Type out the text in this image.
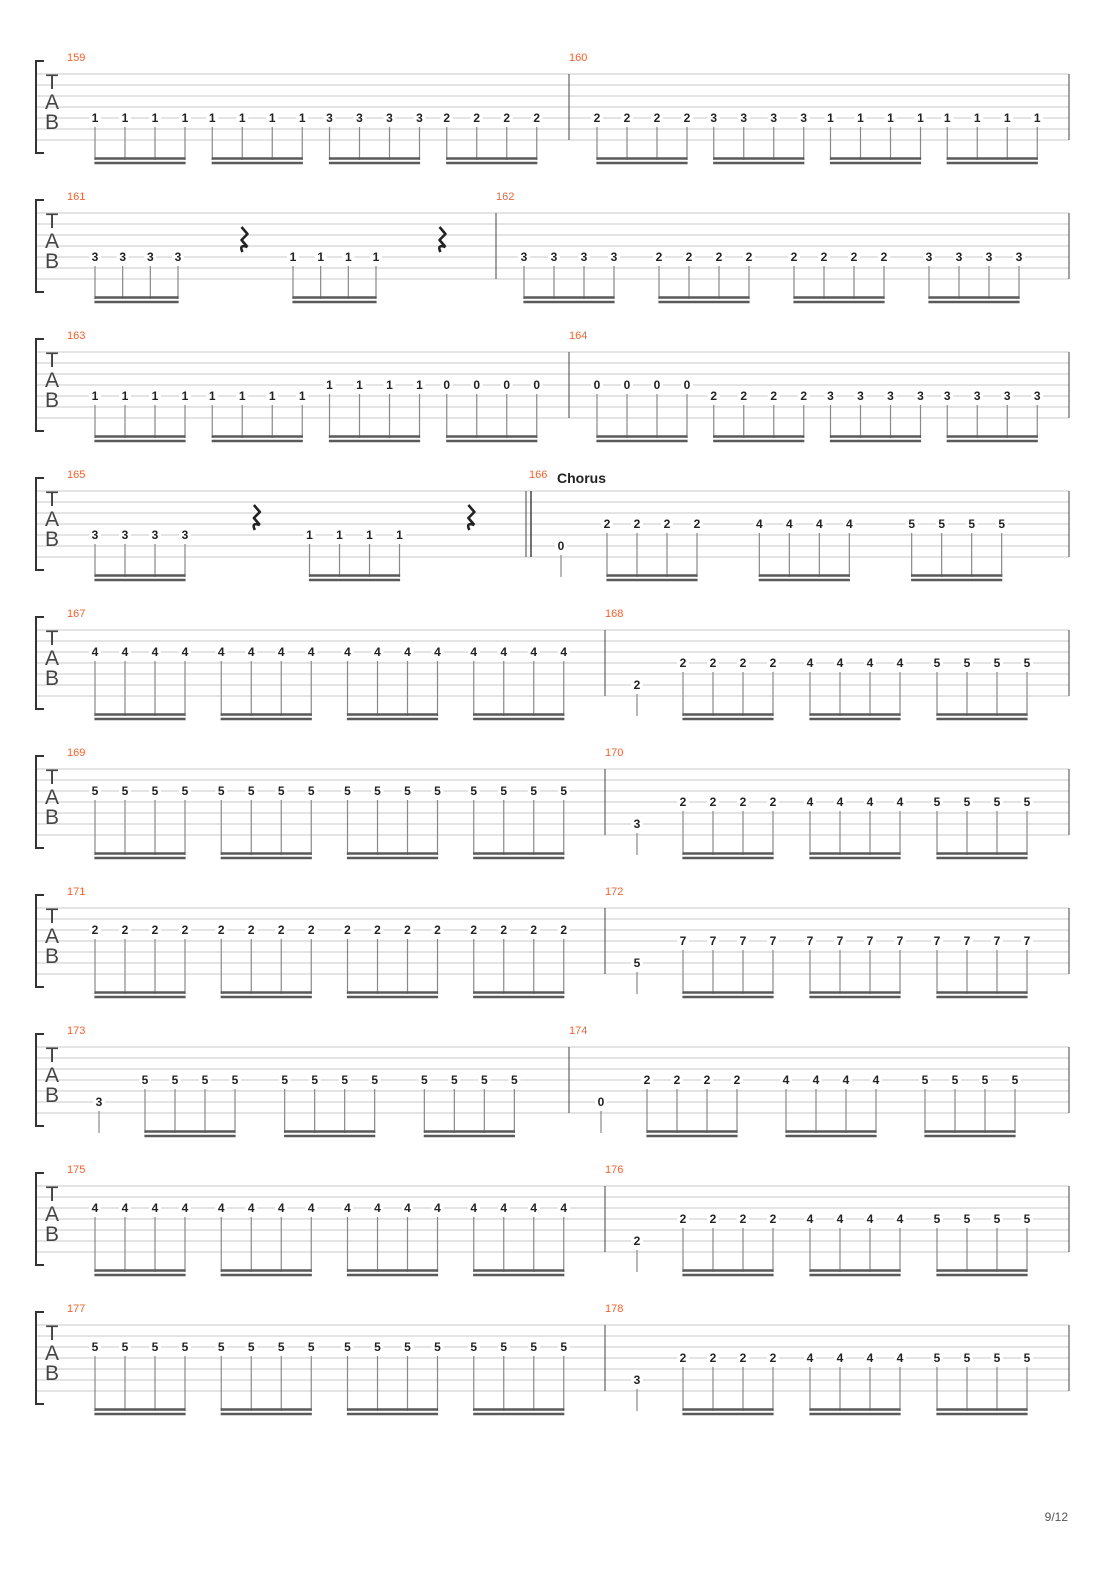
T
A
B
159
1 1 1 1 1 1 1 1 3 3 3 3 2 2 2 2
160
2 2 2 2 3 3 3 3 1 1 1 1 1 1 1 1
T
A
B
161
3 3 3 3	1 1 1 1
162
3 3 3 3	2 2 2 2	2 2 2 2	3 3 3 3
T
A
B
163
1 1 1 1 1 1 1 1
1 1 1 1 0 0 0 0
164
0 0 0 0
2 2 2 2 3 3 3 3 3 3 3 3
T
A
B
165
3 3 3 3	1 1 1 1
166
0
2 2 2 2	4 4 4 4	5 5 5 5
T
A
B
167
4 4 4 4 4 4 4 4 4 4 4 4 4 4 4 4
168
2
2 2 2 2	4 4 4 4	5 5 5 5
T
A
B
169
5 5 5 5 5 5 5 5 5 5 5 5 5 5 5 5
170
3
2 2 2 2	4 4 4 4	5 5 5 5
T
A
B
171
2 2 2 2 2 2 2 2 2 2 2 2 2 2 2 2
172
5
7 7 7 7	7 7 7 7	7 7 7 7
T
A
B
173
3
5 5 5 5	5 5 5 5	5 5 5 5
174
0
2 2 2 2	4 4 4 4	5 5 5 5
T
A
B
175
4 4 4 4 4 4 4 4 4 4 4 4 4 4 4 4
176
2
2 2 2 2	4 4 4 4	5 5 5 5
T
A
B
177
5 5 5 5 5 5 5 5 5 5 5 5 5 5 5 5
178
3
2 2 2 2	4 4 4 4	5 5 5 5
Chorus
9/12
